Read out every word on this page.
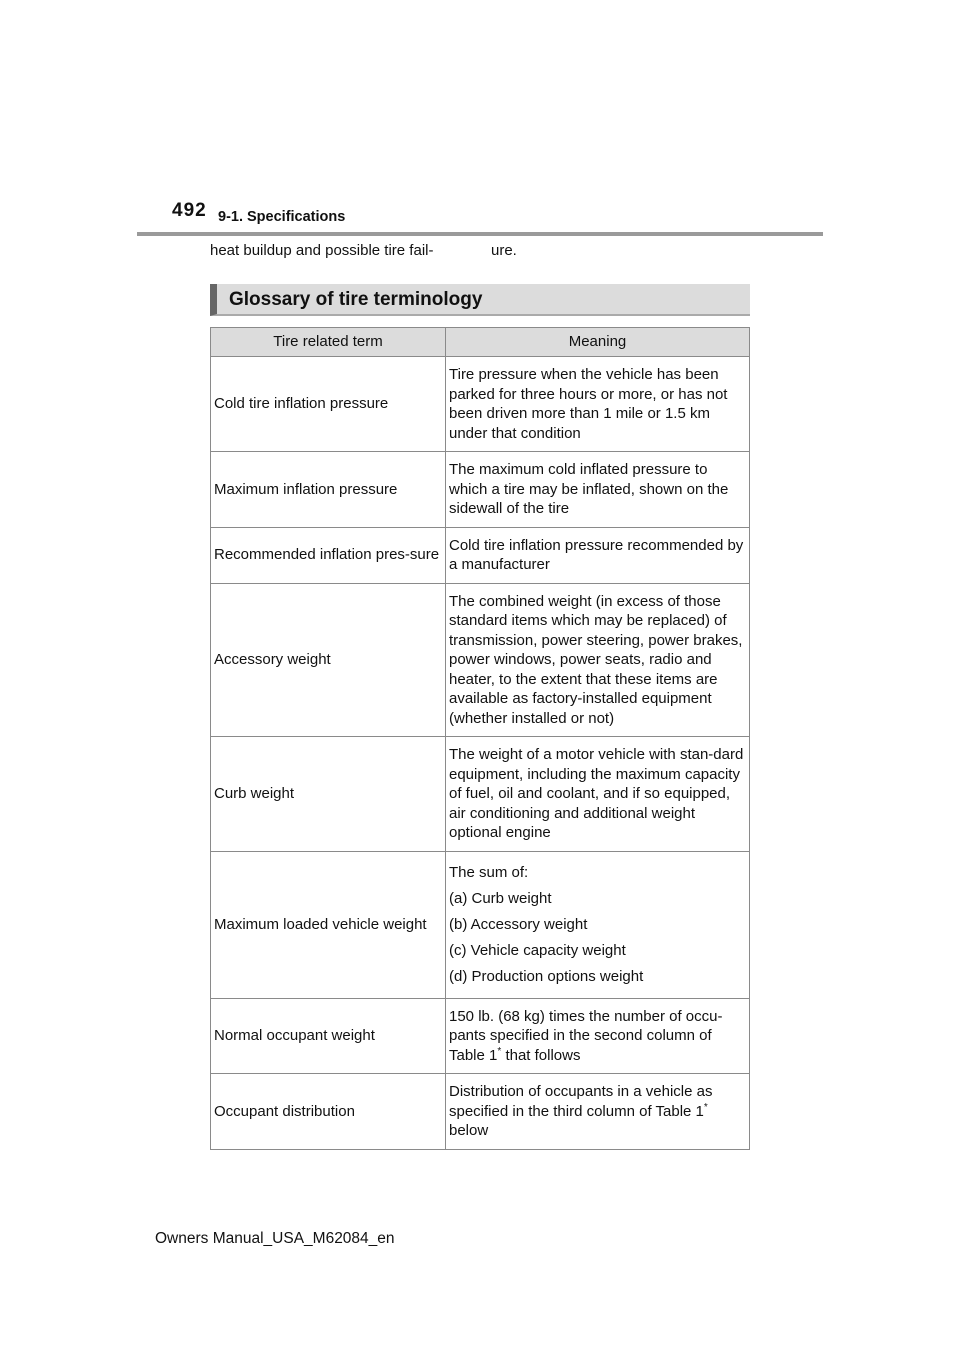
492 9-1. Specifications
heat buildup and possible tire fail-	ure.
Glossary of tire terminology
Tire related term	Meaning
Cold tire inflation pressure	Tire pressure when the vehicle has been parked for three hours or more, or has not been driven more than 1 mile or 1.5 km under that condition
Maximum inflation pressure	The maximum cold inflated pressure to which a tire may be inflated, shown on the sidewall of the tire
Recommended inflation pres-sure	Cold tire inflation pressure recommended by a manufacturer
Accessory weight	The combined weight (in excess of those standard items which may be replaced) of transmission, power steering, power brakes, power windows, power seats, radio and heater, to the extent that these items are available as factory-installed equipment (whether installed or not)
Curb weight	The weight of a motor vehicle with stan-dard equipment, including the maximum capacity of fuel, oil and coolant, and if so equipped, air conditioning and additional weight optional engine
Maximum loaded vehicle weight	The sum of:

(a) Curb weight

(b) Accessory weight

(c) Vehicle capacity weight

(d) Production options weight

Normal occupant weight	150 lb. (68 kg) times the number of occu-pants specified in the second column of Table 1* that follows
Occupant distribution	Distribution of occupants in a vehicle as specified in the third column of Table 1* below
Owners Manual_USA_M62084_en
